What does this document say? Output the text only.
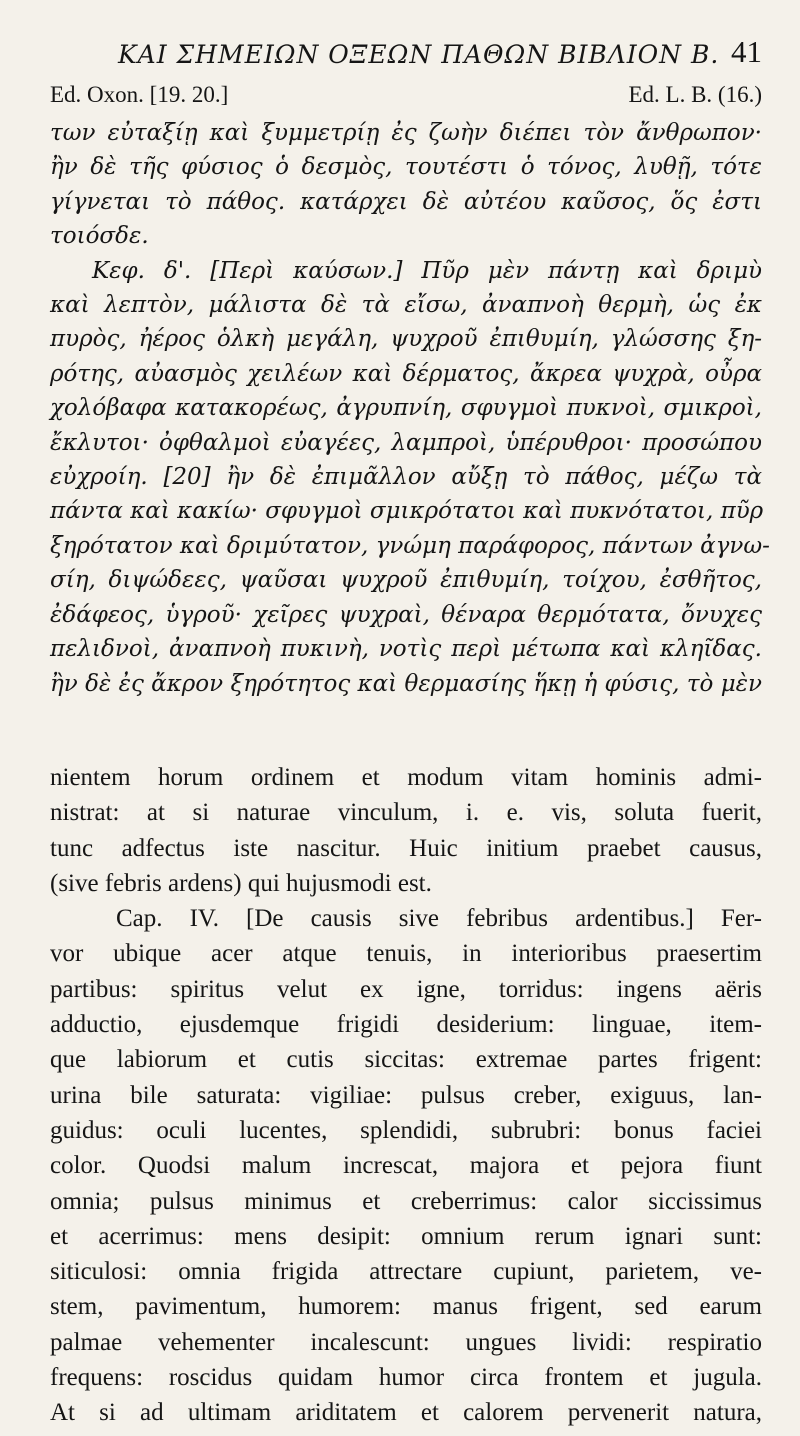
ΚΑΙ ΣΗΜΕΙΩΝ ΟΞΕΩΝ ΠΑΘΩΝ ΒΙΒΛΙΟΝ Β. 41
Ed. Oxon. [19. 20.]	Ed. L. B. (16.)
των εὐταξίῃ καὶ ξυμμετρίῃ ἐς ζωὴν διέπει τὸν ἄνθρωπον·
ἢν δὲ τῆς φύσιος ὁ δεσμὸς, τουτέστι ὁ τόνος, λυθῇ, τότε
γίγνεται τὸ πάθος. κατάρχει δὲ αὐτέου καῦσος, ὅς ἐστι
τοιόσδε.
Κεφ. δ'. [Περὶ καύσων.] Πῦρ μὲν πάντῃ καὶ δριμὺ
καὶ λεπτὸν, μάλιστα δὲ τὰ εἴσω, ἀναπνοὴ θερμὴ, ὡς ἐκ
πυρὸς, ἠέρος ὁλκὴ μεγάλη, ψυχροῦ ἐπιθυμίη, γλώσσης ξη-
ρότης, αὐασμὸς χειλέων καὶ δέρματος, ἄκρεα ψυχρὰ, οὖρα
χολόβαφα κατακορέως, ἀγρυπνίη, σφυγμοὶ πυκνοὶ, σμικροὶ,
ἔκλυτοι· ὀφθαλμοὶ εὐαγέες, λαμπροὶ, ὑπέρυθροι· προσώπου
εὐχροίη. [20] ἢν δὲ ἐπιμᾶλλον αὔξῃ τὸ πάθος, μέζω τὰ
πάντα καὶ κακίω· σφυγμοὶ σμικρότατοι καὶ πυκνότατοι, πῦρ
ξηρότατον καὶ δριμύτατον, γνώμη παράφορος, πάντων ἀγνω-
σίη, διψώδεες, ψαῦσαι ψυχροῦ ἐπιθυμίη, τοίχου, ἐσθῆτος,
ἐδάφεος, ὑγροῦ· χεῖρες ψυχραὶ, θέναρα θερμότατα, ὄνυχες
πελιδνοὶ, ἀναπνοὴ πυκινὴ, νοτὶς περὶ μέτωπα καὶ κληῖδας.
ἢν δὲ ἐς ἄκρον ξηρότητος καὶ θερμασίης ἥκῃ ἡ φύσις, τὸ μὲν
nientem horum ordinem et modum vitam hominis admi-
nistrat: at si naturae vinculum, i. e. vis, soluta fuerit,
tunc adfectus iste nascitur. Huic initium praebet causus,
(sive febris ardens) qui hujusmodi est.
Cap. IV. [De causis sive febribus ardentibus.] Fer-
vor ubique acer atque tenuis, in interioribus praesertim
partibus: spiritus velut ex igne, torridus: ingens aëris
adductio, ejusdemque frigidi desiderium: linguae, item-
que labiorum et cutis siccitas: extremae partes frigent:
urina bile saturata: vigiliae: pulsus creber, exiguus, lan-
guidus: oculi lucentes, splendidi, subrubri: bonus faciei
color. Quodsi malum increscat, majora et pejora fiunt
omnia; pulsus minimus et creberrimus: calor siccissimus
et acerrimus: mens desipit: omnium rerum ignari sunt:
siticulosi: omnia frigida attrectare cupiunt, parietem, ve-
stem, pavimentum, humorem: manus frigent, sed earum
palmae vehementer incalescunt: ungues lividi: respiratio
frequens: roscidus quidam humor circa frontem et jugula.
At si ad ultimam ariditatem et calorem pervenerit natura,
